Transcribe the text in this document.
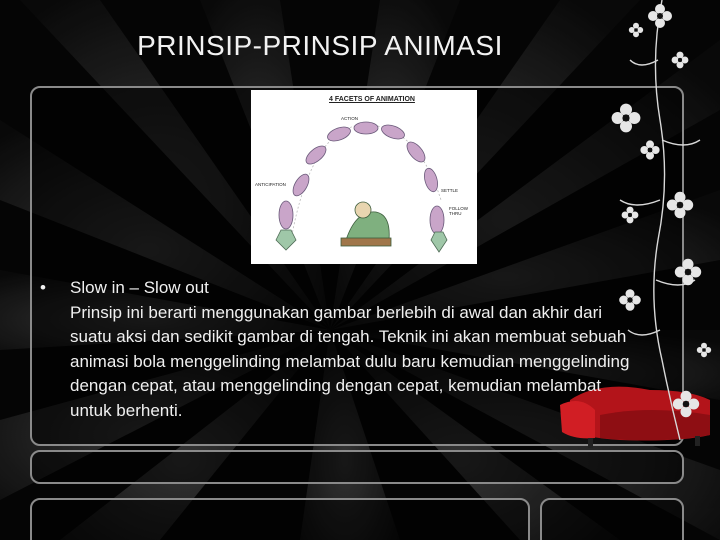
PRINSIP-PRINSIP ANIMASI
4 FACETS OF ANIMATION
ACTION
ANTICIPATION
SETTLE
FOLLOW THRU
•	Slow in – Slow out
Prinsip ini berarti menggunakan gambar berlebih di awal dan akhir dari suatu aksi dan sedikit gambar di tengah. Teknik ini akan membuat sebuah animasi bola menggelinding melambat dulu baru kemudian menggelinding dengan cepat, atau menggelinding dengan cepat, kemudian melambat untuk berhenti.
